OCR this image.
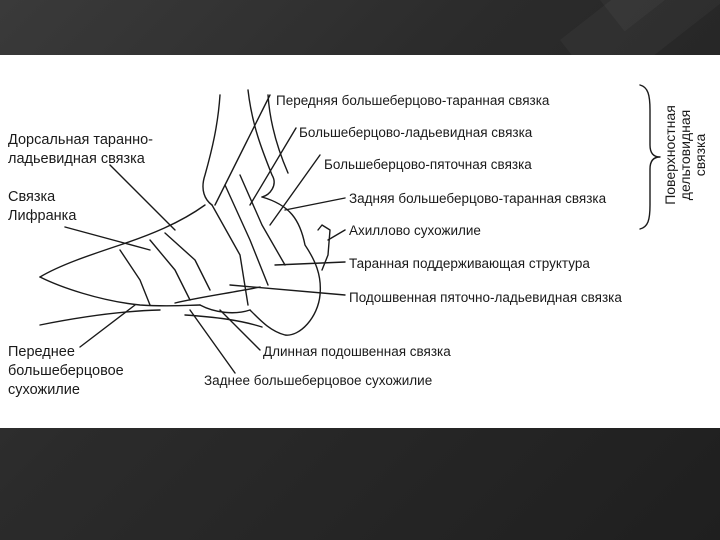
Передняя большеберцово-таранная связка
Большеберцово-ладьевидная связка
Большеберцово-пяточная связка
Задняя большеберцово-таранная связка
Ахиллово сухожилие
Таранная поддерживающая структура
Подошвенная пяточно-ладьевидная связка
Длинная подошвенная связка
Заднее большеберцовое сухожилие
Дорсальная таранно-
ладьевидная связка
Связка
Лифранка
Переднее
большеберцовое
сухожилие
Поверхностная дельтовидная связка
